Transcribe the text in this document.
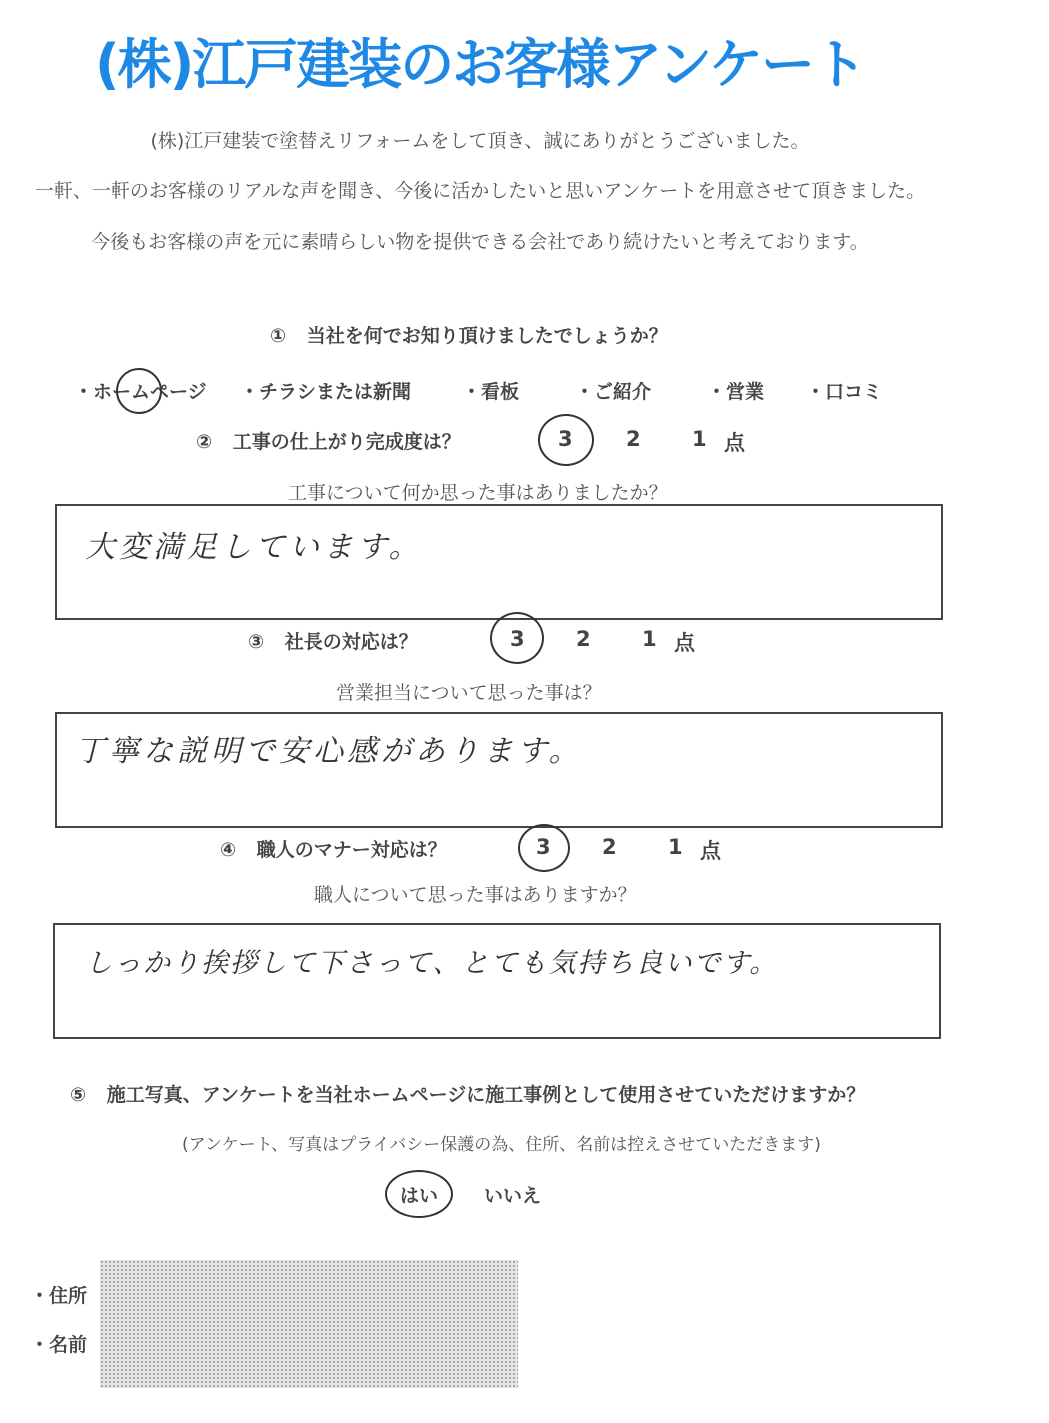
(株)江戸建装のお客様アンケート
(株)江戸建装で塗替えリフォームをして頂き、誠にありがとうございました。
一軒、一軒のお客様のリアルな声を聞き、今後に活かしたいと思いアンケートを用意させて頂きました。
今後もお客様の声を元に素晴らしい物を提供できる会社であり続けたいと考えております。
① 当社を何でお知り頂けましたでしょうか？
・ホームページ ・チラシまたは新聞	・看板	・ご紹介	・営業 ・口コミ
② 工事の仕上がり完成度は？	3	2 1 点
工事について何か思った事はありましたか？
大変満足しています。
③ 社長の対応は？	3 2 1 点
営業担当について思った事は？
丁寧な説明で安心感があります。
④ 職人のマナー対応は？	3 2 1 点
職人について思った事はありますか？
しっかり挨拶して下さって、とても気持ち良いです。
⑤ 施工写真、アンケートを当社ホームページに施工事例として使用させていただけますか？
(アンケート、写真はプライバシー保護の為、住所、名前は控えさせていただきます)
はい いいえ
・住所
・名前
